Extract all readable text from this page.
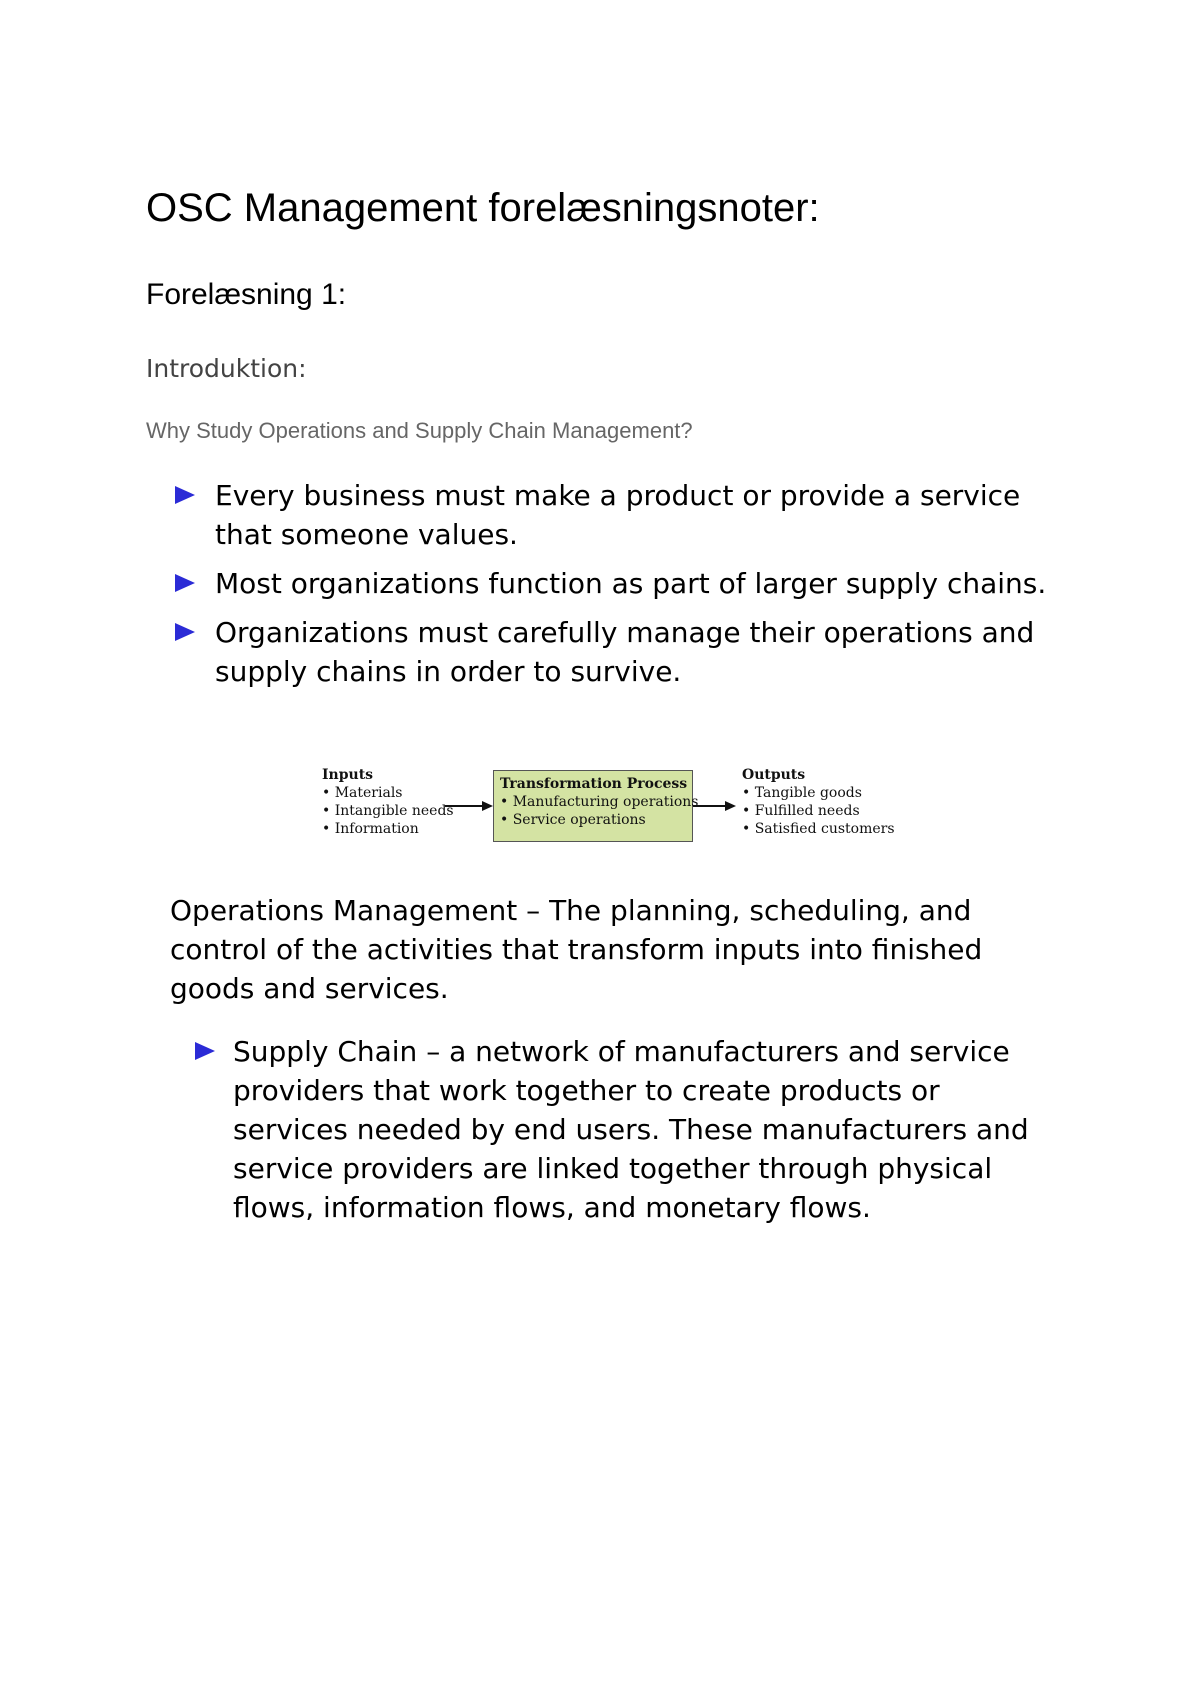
OSC Management forelæsningsnoter:
Forelæsning 1:
Introduktion:
Why Study Operations and Supply Chain Management?
Every business must make a product or provide a service that someone values.
Most organizations function as part of larger supply chains.
Organizations must carefully manage their operations and supply chains in order to survive.
Inputs
• Materials
• Intangible needs
• Information
Transformation Process
• Manufacturing operations
• Service operations
Outputs
• Tangible goods
• Fulfilled needs
• Satisfied customers

Operations Management – The planning, scheduling, and control of the activities that transform inputs into finished goods and services.

Supply Chain – a network of manufacturers and service providers that work together to create products or services needed by end users. These manufacturers and service providers are linked together through physical flows, information flows, and monetary flows.
